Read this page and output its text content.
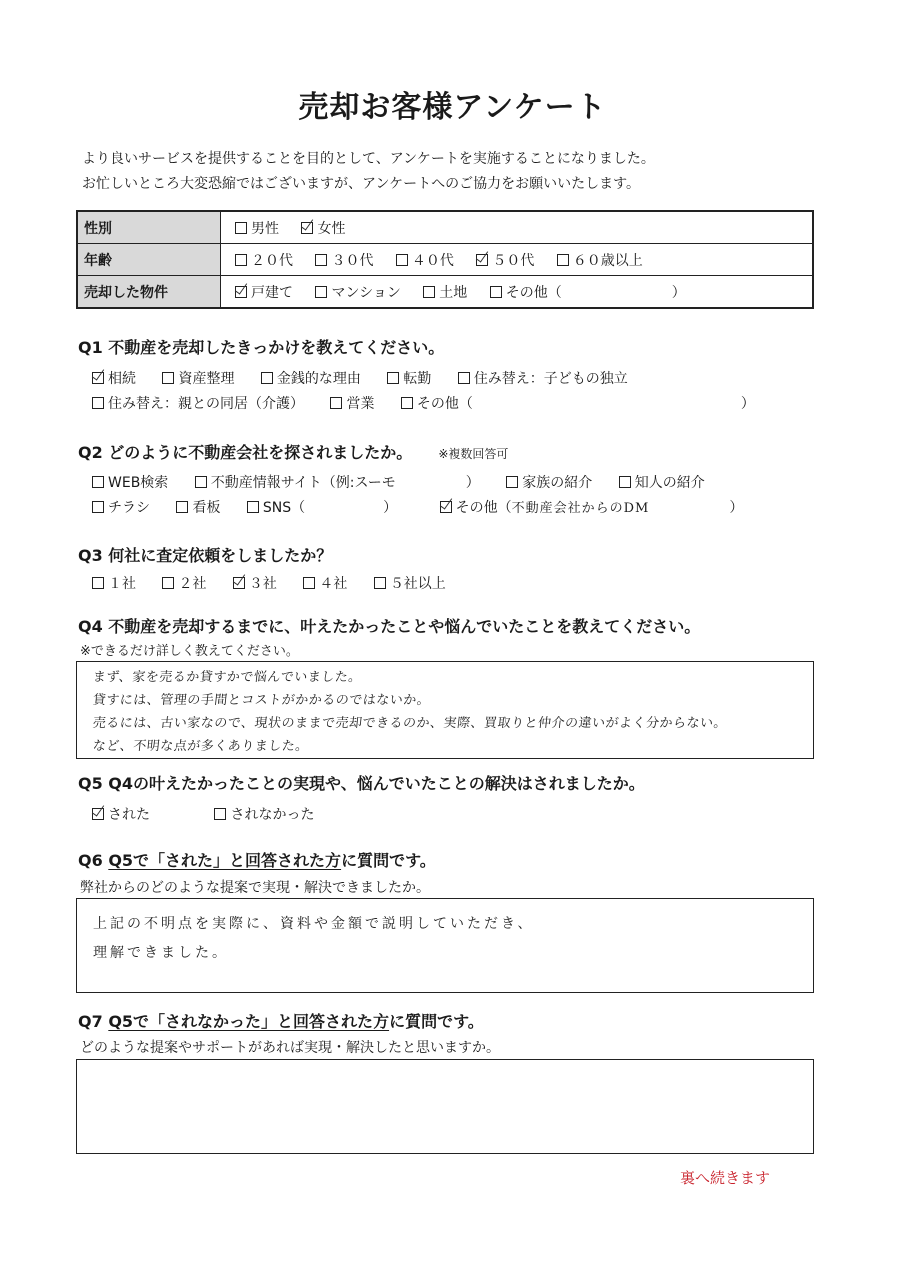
売却お客様アンケート
より良いサービスを提供することを目的として、アンケートを実施することになりました。
お忙しいところ大変恐縮ではございますが、アンケートへのご協力をお願いいたします。
性別	男性 女性
年齢	２０代 ３０代 ４０代 ５０代 ６０歳以上
売却した物件	戸建て マンション 土地 その他（ ）
Q1 不動産を売却したきっかけを教えてください。
相続	資産整理	金銭的な理由	転勤	住み替え：子どもの独立
住み替え：親との同居（介護）	営業	その他（	）
Q2 どのように不動産会社を探されましたか。 ※複数回答可
WEB検索	不動産情報サイト（例:スーモ	）	家族の紹介	知人の紹介
チラシ	看板	SNS（	）	その他（不動産会社からのDM	）
Q3 何社に査定依頼をしましたか？
１社	２社	３社	４社	５社以上
Q4 不動産を売却するまでに、叶えたかったことや悩んでいたことを教えてください。
※できるだけ詳しく教えてください。
まず、家を売るか貸すかで悩んでいました。
貸すには、管理の手間とコストがかかるのではないか。
売るには、古い家なので、現状のままで売却できるのか、実際、買取りと仲介の違いがよく分からない。
など、不明な点が多くありました。
Q5 Q4の叶えたかったことの実現や、悩んでいたことの解決はされましたか。
された	されなかった
Q6 Q5で「された」と回答された方に質問です。
弊社からのどのような提案で実現・解決できましたか。
上記の不明点を実際に、資料や金額で説明していただき、
理解できました。
Q7 Q5で「されなかった」と回答された方に質問です。
どのような提案やサポートがあれば実現・解決したと思いますか。
裏へ続きます
